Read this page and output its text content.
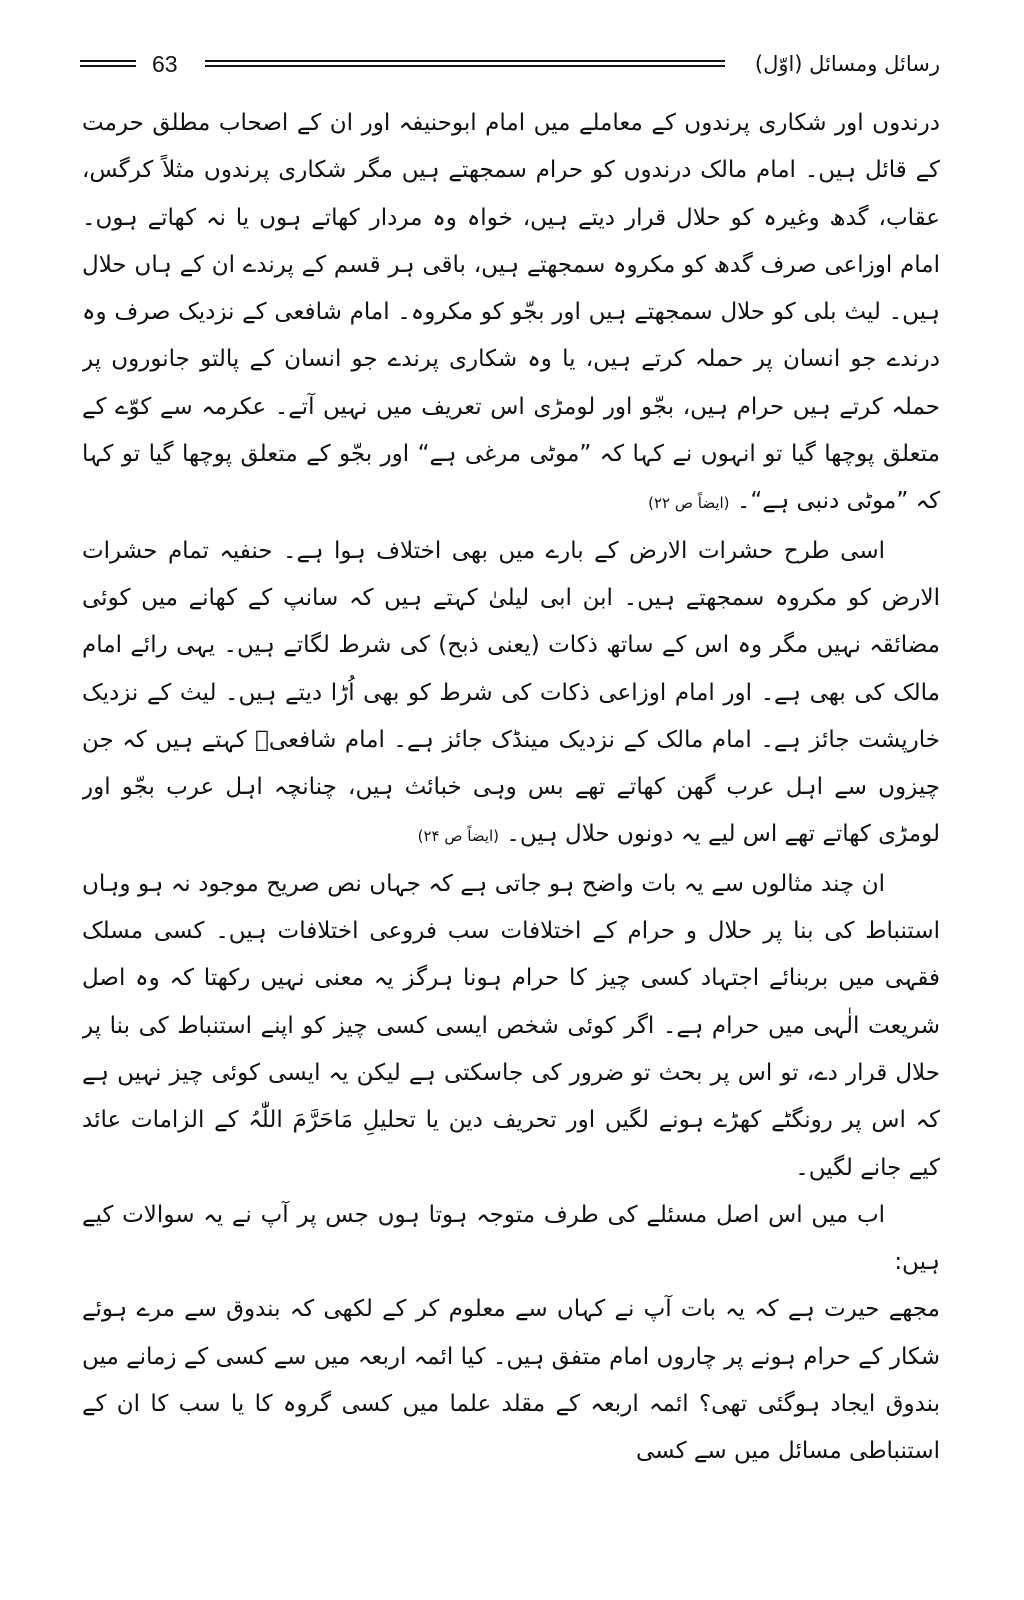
رسائل ومسائل (اوّل)
63

درندوں اور شکاری پرندوں کے معاملے میں امام ابوحنیفہ اور ان کے اصحاب مطلق حرمت کے قائل ہیں۔ امام مالک درندوں کو حرام سمجھتے ہیں مگر شکاری پرندوں مثلاً کرگس، عقاب، گدھ وغیرہ کو حلال قرار دیتے ہیں، خواہ وہ مردار کھاتے ہوں یا نہ کھاتے ہوں۔ امام اوزاعی صرف گدھ کو مکروہ سمجھتے ہیں، باقی ہر قسم کے پرندے ان کے ہاں حلال ہیں۔ لیث بلی کو حلال سمجھتے ہیں اور بجّو کو مکروہ۔ امام شافعی کے نزدیک صرف وہ درندے جو انسان پر حملہ کرتے ہیں، یا وہ شکاری پرندے جو انسان کے پالتو جانوروں پر حملہ کرتے ہیں حرام ہیں، بجّو اور لومڑی اس تعریف میں نہیں آتے۔ عکرمہ سے کوّے کے متعلق پوچھا گیا تو انہوں نے کہا کہ ”موٹی مرغی ہے“ اور بجّو کے متعلق پوچھا گیا تو کہا کہ ”موٹی دنبی ہے“۔ (ایضاً ص ۲۲)

اسی طرح حشرات الارض کے بارے میں بھی اختلاف ہوا ہے۔ حنفیہ تمام حشرات الارض کو مکروہ سمجھتے ہیں۔ ابن ابی لیلیٰ کہتے ہیں کہ سانپ کے کھانے میں کوئی مضائقہ نہیں مگر وہ اس کے ساتھ ذکات (یعنی ذبح) کی شرط لگاتے ہیں۔ یہی رائے امام مالک کی بھی ہے۔ اور امام اوزاعی ذکات کی شرط کو بھی اُڑا دیتے ہیں۔ لیث کے نزدیک خارپشت جائز ہے۔ امام مالک کے نزدیک مینڈک جائز ہے۔ امام شافعیؒ کہتے ہیں کہ جن چیزوں سے اہل عرب گھن کھاتے تھے بس وہی خبائث ہیں، چنانچہ اہل عرب بجّو اور لومڑی کھاتے تھے اس لیے یہ دونوں حلال ہیں۔ (ایضاً ص ۲۴)

ان چند مثالوں سے یہ بات واضح ہو جاتی ہے کہ جہاں نص صریح موجود نہ ہو وہاں استنباط کی بنا پر حلال و حرام کے اختلافات سب فروعی اختلافات ہیں۔ کسی مسلک فقہی میں بربنائے اجتہاد کسی چیز کا حرام ہونا ہرگز یہ معنی نہیں رکھتا کہ وہ اصل شریعت الٰہی میں حرام ہے۔ اگر کوئی شخص ایسی کسی چیز کو اپنے استنباط کی بنا پر حلال قرار دے، تو اس پر بحث تو ضرور کی جاسکتی ہے لیکن یہ ایسی کوئی چیز نہیں ہے کہ اس پر رونگٹے کھڑے ہونے لگیں اور تحریف دین یا تحلیلِ مَاحَرَّمَ اللّٰہُ کے الزامات عائد کیے جانے لگیں۔

اب میں اس اصل مسئلے کی طرف متوجہ ہوتا ہوں جس پر آپ نے یہ سوالات کیے ہیں:

مجھے حیرت ہے کہ یہ بات آپ نے کہاں سے معلوم کر کے لکھی کہ بندوق سے مرے ہوئے شکار کے حرام ہونے پر چاروں امام متفق ہیں۔ کیا ائمہ اربعہ میں سے کسی کے زمانے میں بندوق ایجاد ہوگئی تھی؟ ائمہ اربعہ کے مقلد علما میں کسی گروہ کا یا سب کا ان کے استنباطی مسائل میں سے کسی
